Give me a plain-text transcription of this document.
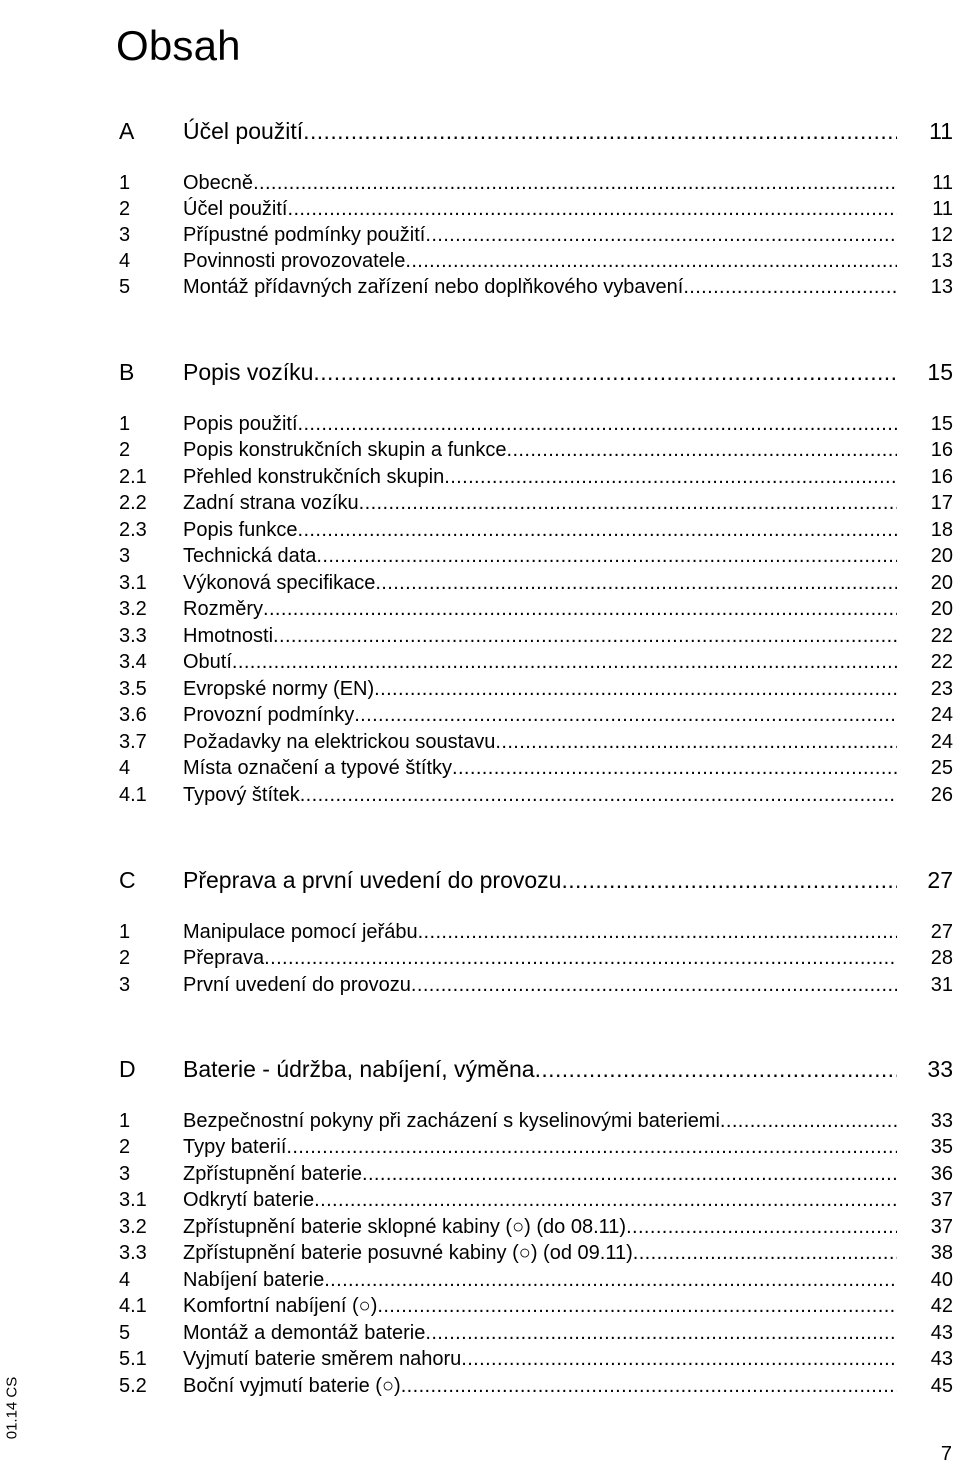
Obsah
A Účel použití .....	11
1	Obecně .....	11
2	Účel použití .....	11
3	Přípustné podmínky použití .....	12
4	Povinnosti provozovatele .....	13
5	Montáž přídavných zařízení nebo doplňkového vybavení .....	13
B Popis vozíku .....	15
1	Popis použití .....	15
2	Popis konstrukčních skupin a funkce .....	16
2.1 Přehled konstrukčních skupin .....	16
2.2 Zadní strana vozíku .....	17
2.3 Popis funkce .....	18
3	Technická data .....	20
3.1 Výkonová specifikace .....	20
3.2 Rozměry .....	20
3.3 Hmotnosti .....	22
3.4 Obutí .....	22
3.5 Evropské normy (EN) .....	23
3.6 Provozní podmínky .....	24
3.7 Požadavky na elektrickou soustavu .....	24
4	Místa označení a typové štítky .....	25
4.1 Typový štítek .....	26
C Přeprava a první uvedení do provozu .....	27
1	Manipulace pomocí jeřábu .....	27
2	Přeprava .....	28
3	První uvedení do provozu .....	31
D Baterie - údržba, nabíjení, výměna .....	33
1	Bezpečnostní pokyny při zacházení s kyselinovými bateriemi .....	33
2	Typy baterií .....	35
3	Zpřístupnění baterie .....	36
3.1 Odkrytí baterie .....	37
3.2 Zpřístupnění baterie sklopné kabiny (○) (do 08.11) .....	37
3.3 Zpřístupnění baterie posuvné kabiny (○) (od 09.11) .....	38
4	Nabíjení baterie .....	40
4.1 Komfortní nabíjení (○) .....	42
5	Montáž a demontáž baterie .....	43
5.1 Vyjmutí baterie směrem nahoru .....	43
5.2 Boční vyjmutí baterie (○) .....	45
01.14 CS
7
